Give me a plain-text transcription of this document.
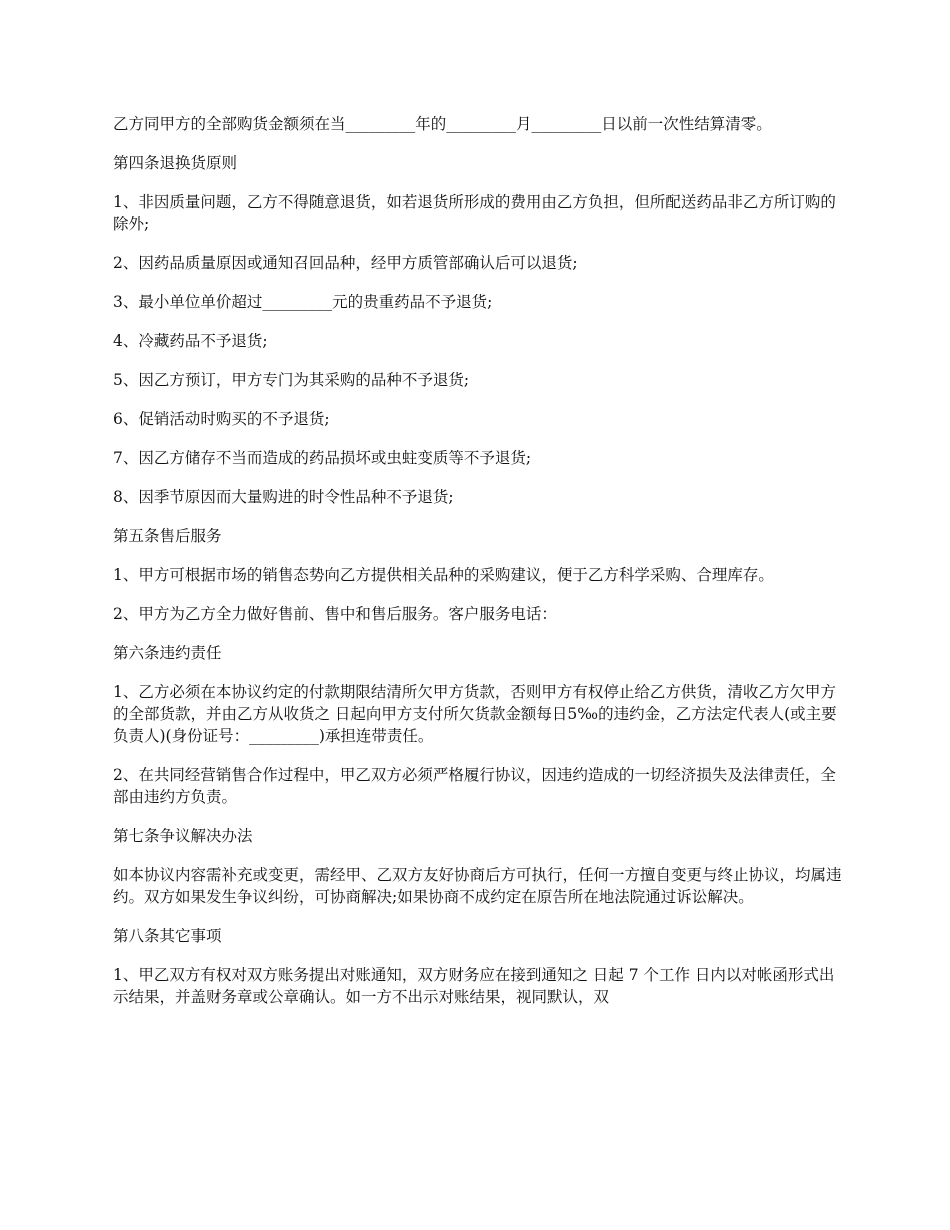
乙方同甲方的全部购货金额须在当_________年的_________月_________日以前一次性结算清零。

第四条退换货原则

1、非因质量问题，乙方不得随意退货，如若退货所形成的费用由乙方负担，但所配送药品非乙方所订购的除外;

2、因药品质量原因或通知召回品种，经甲方质管部确认后可以退货;

3、最小单位单价超过_________元的贵重药品不予退货;

4、冷藏药品不予退货;

5、因乙方预订，甲方专门为其采购的品种不予退货;

6、促销活动时购买的不予退货;

7、因乙方储存不当而造成的药品损坏或虫蛀变质等不予退货;

8、因季节原因而大量购进的时令性品种不予退货;

第五条售后服务

1、甲方可根据市场的销售态势向乙方提供相关品种的采购建议，便于乙方科学采购、合理库存。

2、甲方为乙方全力做好售前、售中和售后服务。客户服务电话：

第六条违约责任

1、乙方必须在本协议约定的付款期限结清所欠甲方货款，否则甲方有权停止给乙方供货，清收乙方欠甲方的全部货款，并由乙方从收货之 日起向甲方支付所欠货款金额每日5‰的违约金，乙方法定代表人(或主要负责人)(身份证号：_________)承担连带责任。

2、在共同经营销售合作过程中，甲乙双方必须严格履行协议，因违约造成的一切经济损失及法律责任，全部由违约方负责。

第七条争议解决办法

如本协议内容需补充或变更，需经甲、乙双方友好协商后方可执行，任何一方擅自变更与终止协议，均属违约。双方如果发生争议纠纷，可协商解决;如果协商不成约定在原告所在地法院通过诉讼解决。

第八条其它事项

1、甲乙双方有权对双方账务提出对账通知，双方财务应在接到通知之 日起 7 个工作 日内以对帐函形式出示结果，并盖财务章或公章确认。如一方不出示对账结果，视同默认，双
